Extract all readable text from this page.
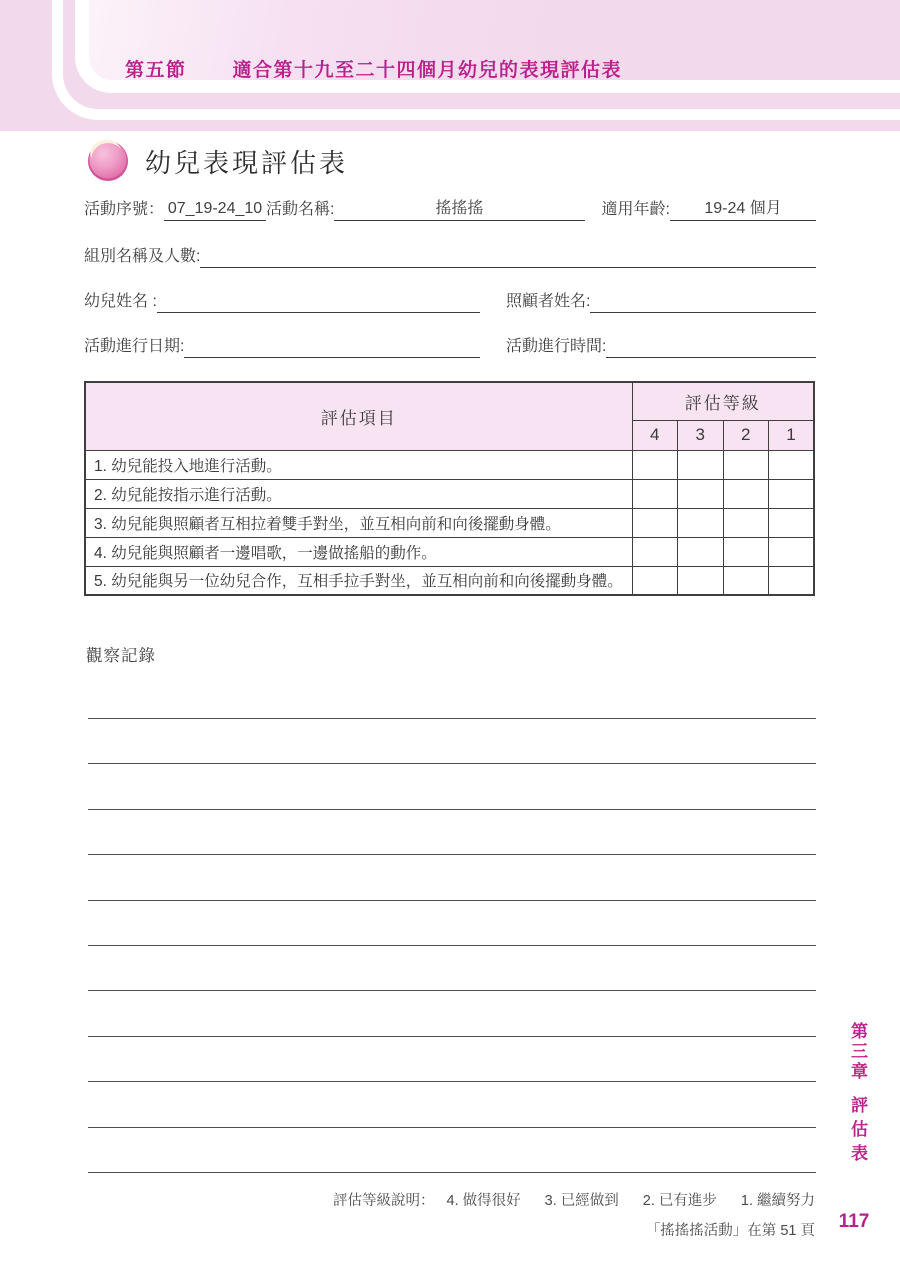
第五節 適合第十九至二十四個月幼兒的表現評估表
幼兒表現評估表
活動序號： 07_19-24_10 活動名稱:	搖搖搖	適用年齡:	19-24 個月
組別名稱及人數:
幼兒姓名 :	照顧者姓名:
活動進行日期:	活動進行時間:
評估項目	評估等級			
	4	3	2	1
1. 幼兒能投入地進行活動。				
2. 幼兒能按指示進行活動。				
3. 幼兒能與照顧者互相拉着雙手對坐，並互相向前和向後擺動身體。				
4. 幼兒能與照顧者一邊唱歌，一邊做搖船的動作。				
5. 幼兒能與另一位幼兒合作，互相手拉手對坐，並互相向前和向後擺動身體。				
觀察記錄
評估等級說明： 4. 做得很好 3. 已經做到 2. 已有進步 1. 繼續努力
「搖搖搖活動」在第 51 頁
第三章
評估表
117
